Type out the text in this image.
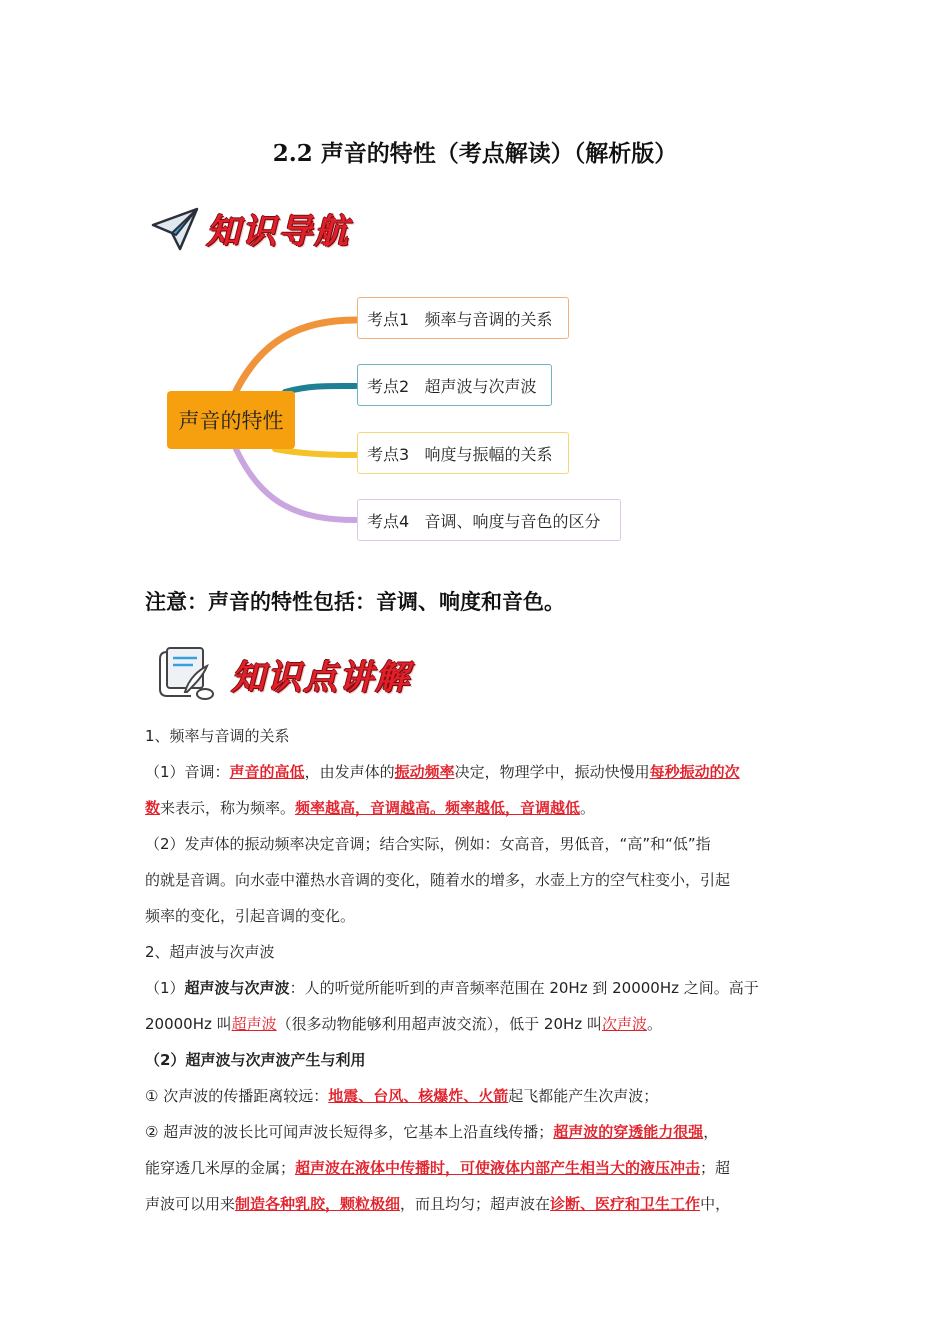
2.2 声音的特性（考点解读）（解析版）
知识导航
声音的特性
考点1   频率与音调的关系
考点2   超声波与次声波
考点3   响度与振幅的关系
考点4   音调、响度与音色的区分
注意：声音的特性包括：音调、响度和音色。
知识点讲解

1、频率与音调的关系

（1）音调：声音的高低，由发声体的振动频率决定，物理学中，振动快慢用每秒振动的次
数来表示，称为频率。频率越高，音调越高。频率越低，音调越低。

（2）发声体的振动频率决定音调；结合实际，例如：女高音，男低音，“高”和“低”指
的就是音调。向水壶中灌热水音调的变化，随着水的增多，水壶上方的空气柱变小，引起
频率的变化，引起音调的变化。

2、超声波与次声波

（1）超声波与次声波：人的听觉所能听到的声音频率范围在 20Hz 到 20000Hz 之间。高于
20000Hz 叫超声波（很多动物能够利用超声波交流），低于 20Hz 叫次声波。

（2）超声波与次声波产生与利用

① 次声波的传播距离较远：地震、台风、核爆炸、火箭起飞都能产生次声波；

② 超声波的波长比可闻声波长短得多，它基本上沿直线传播；超声波的穿透能力很强，
能穿透几米厚的金属；超声波在液体中传播时，可使液体内部产生相当大的液压冲击；超
声波可以用来制造各种乳胶，颗粒极细，而且均匀；超声波在诊断、医疗和卫生工作中，
